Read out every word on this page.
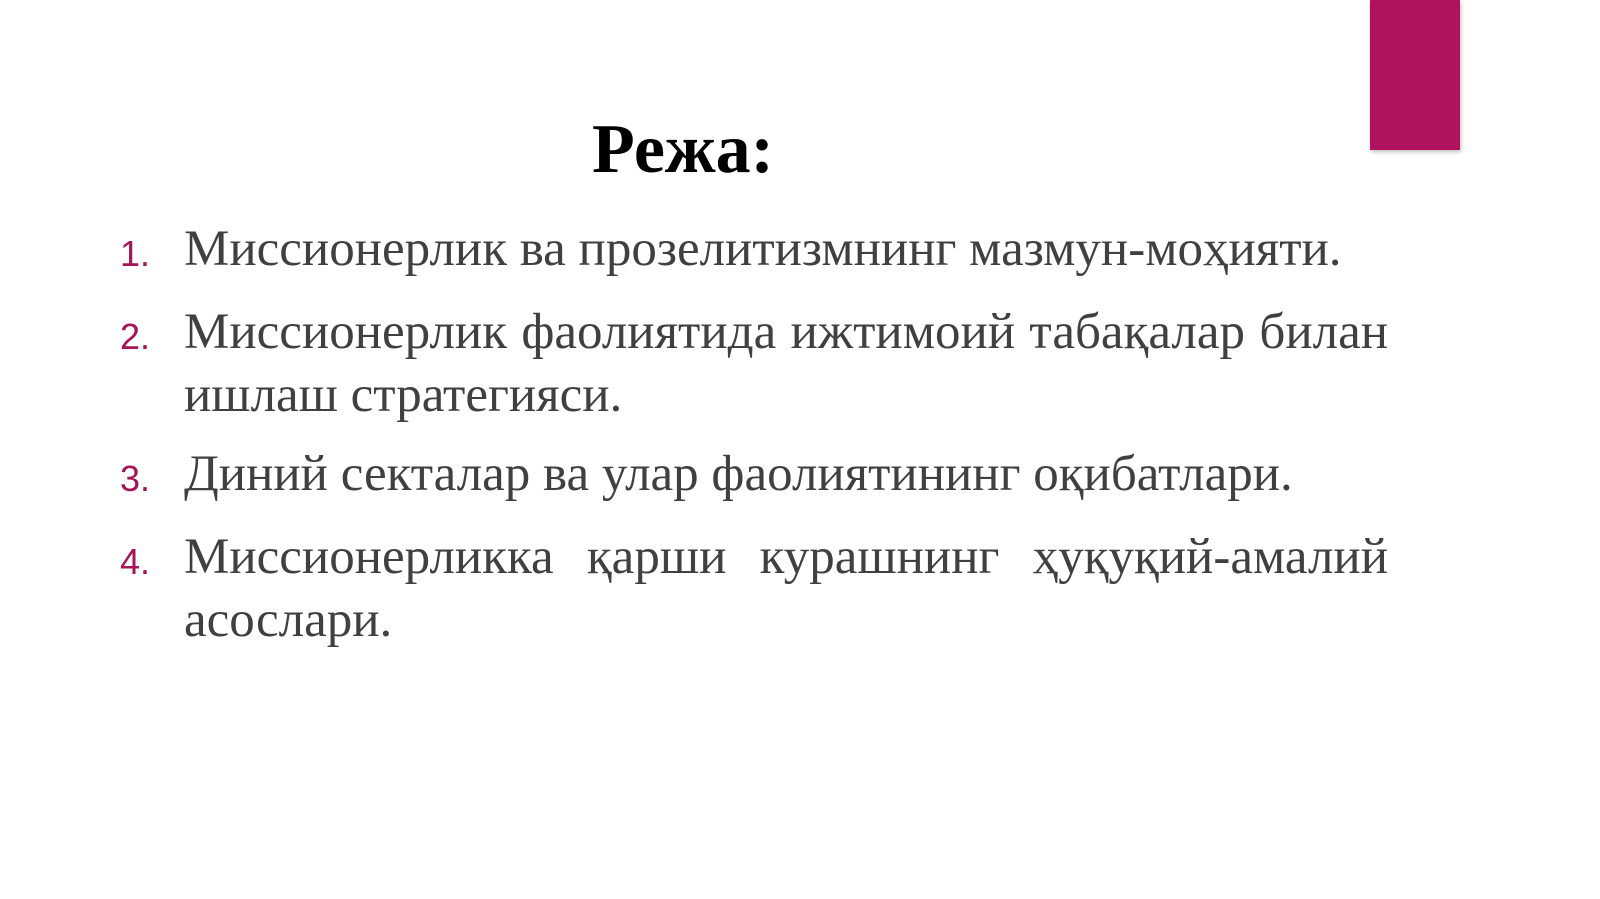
Режа:
1. Миссионерлик ва прозелитизмнинг мазмун-моҳияти.
2. Миссионерлик фаолиятида ижтимоий табақалар билан ишлаш стратегияси.
3. Диний секталар ва улар фаолиятининг оқибатлари.
4. Миссионерликка қарши курашнинг ҳуқуқий-амалий асослари.
